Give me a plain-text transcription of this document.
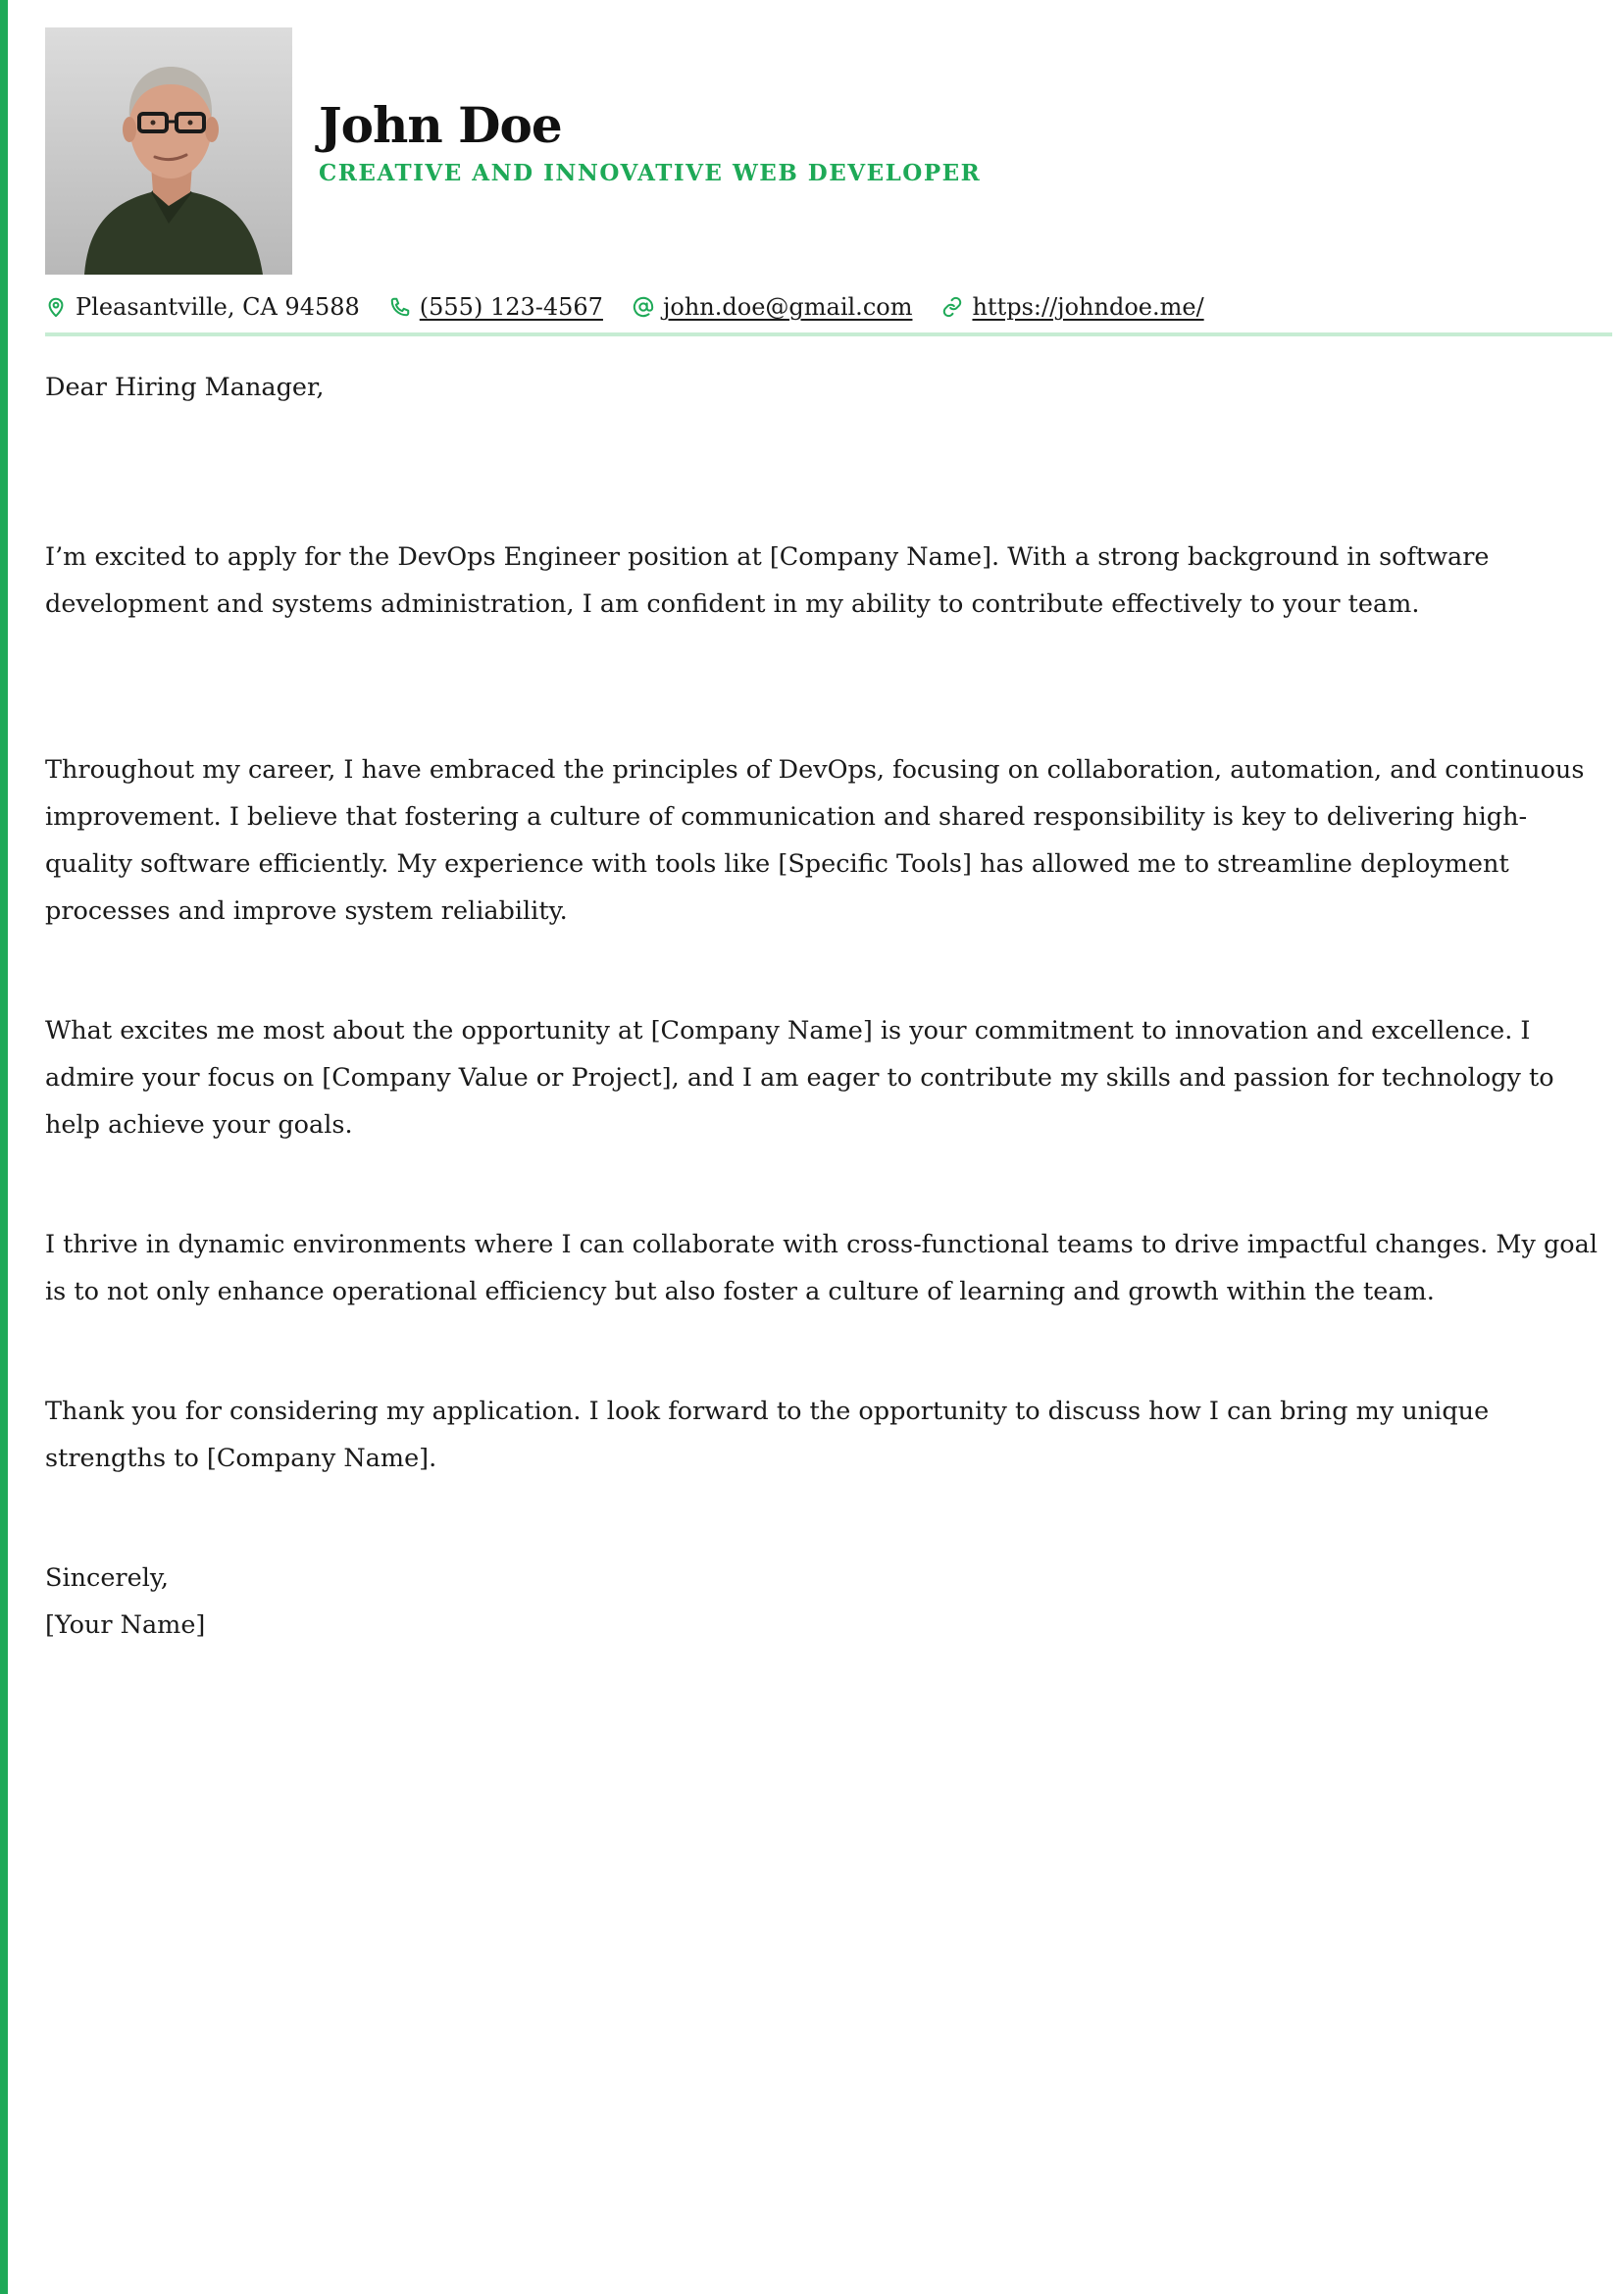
John Doe
CREATIVE AND INNOVATIVE WEB DEVELOPER
Pleasantville, CA 94588	(555) 123-4567	john.doe@gmail.com	https://johndoe.me/
Dear Hiring Manager,

I’m excited to apply for the DevOps Engineer position at [Company Name]. With a strong background in software development and systems administration, I am confident in my ability to contribute effectively to your team.

Throughout my career, I have embraced the principles of DevOps, focusing on collaboration, automation, and continuous improvement. I believe that fostering a culture of communication and shared responsibility is key to delivering high-quality software efficiently. My experience with tools like [Specific Tools] has allowed me to streamline deployment processes and improve system reliability.

What excites me most about the opportunity at [Company Name] is your commitment to innovation and excellence. I admire your focus on [Company Value or Project], and I am eager to contribute my skills and passion for technology to help achieve your goals.

I thrive in dynamic environments where I can collaborate with cross-functional teams to drive impactful changes. My goal is to not only enhance operational efficiency but also foster a culture of learning and growth within the team.

Thank you for considering my application. I look forward to the opportunity to discuss how I can bring my unique strengths to [Company Name].

Sincerely,
[Your Name]
